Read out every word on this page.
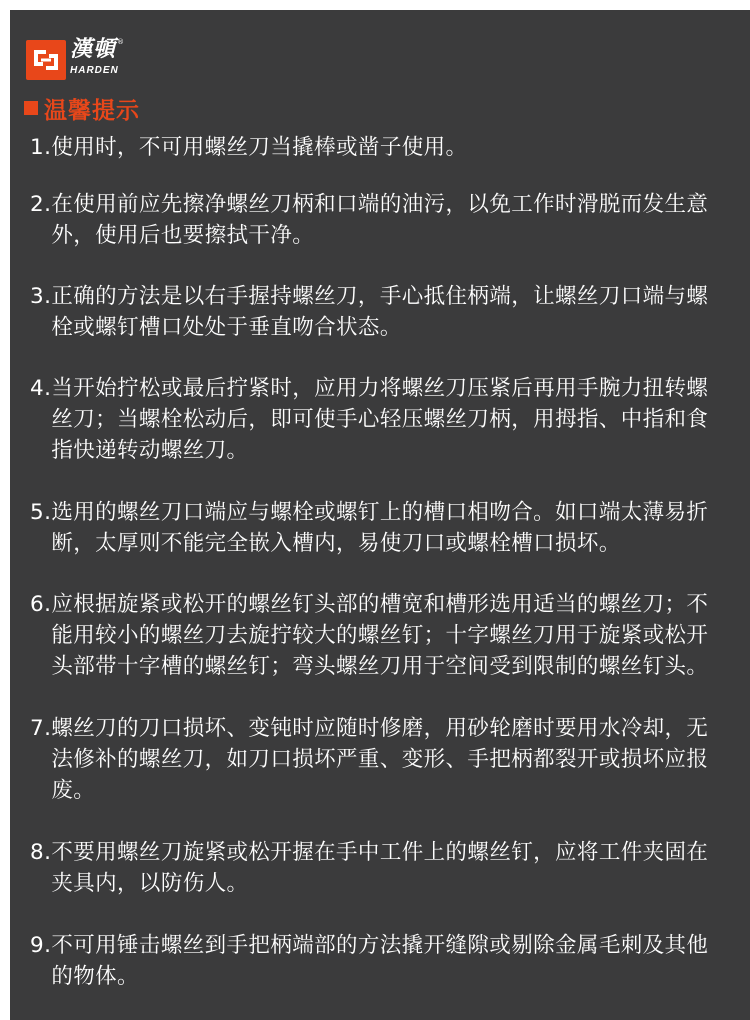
漢頓 ®
HARDEN
温馨提示
1. 使用时，不可用螺丝刀当撬棒或凿子使用。
2. 在使用前应先擦净螺丝刀柄和口端的油污，以免工作时滑脱而发生意外，使用后也要擦拭干净。
3. 正确的方法是以右手握持螺丝刀，手心抵住柄端，让螺丝刀口端与螺栓或螺钉槽口处处于垂直吻合状态。
4. 当开始拧松或最后拧紧时，应用力将螺丝刀压紧后再用手腕力扭转螺丝刀；当螺栓松动后，即可使手心轻压螺丝刀柄，用拇指、中指和食指快递转动螺丝刀。
5. 选用的螺丝刀口端应与螺栓或螺钉上的槽口相吻合。如口端太薄易折断，太厚则不能完全嵌入槽内，易使刀口或螺栓槽口损坏。
6. 应根据旋紧或松开的螺丝钉头部的槽宽和槽形选用适当的螺丝刀；不能用较小的螺丝刀去旋拧较大的螺丝钉；十字螺丝刀用于旋紧或松开头部带十字槽的螺丝钉；弯头螺丝刀用于空间受到限制的螺丝钉头。
7. 螺丝刀的刀口损坏、变钝时应随时修磨，用砂轮磨时要用水冷却，无法修补的螺丝刀，如刀口损坏严重、变形、手把柄都裂开或损坏应报废。
8. 不要用螺丝刀旋紧或松开握在手中工件上的螺丝钉，应将工件夹固在夹具内，以防伤人。
9. 不可用锤击螺丝到手把柄端部的方法撬开缝隙或剔除金属毛刺及其他的物体。
